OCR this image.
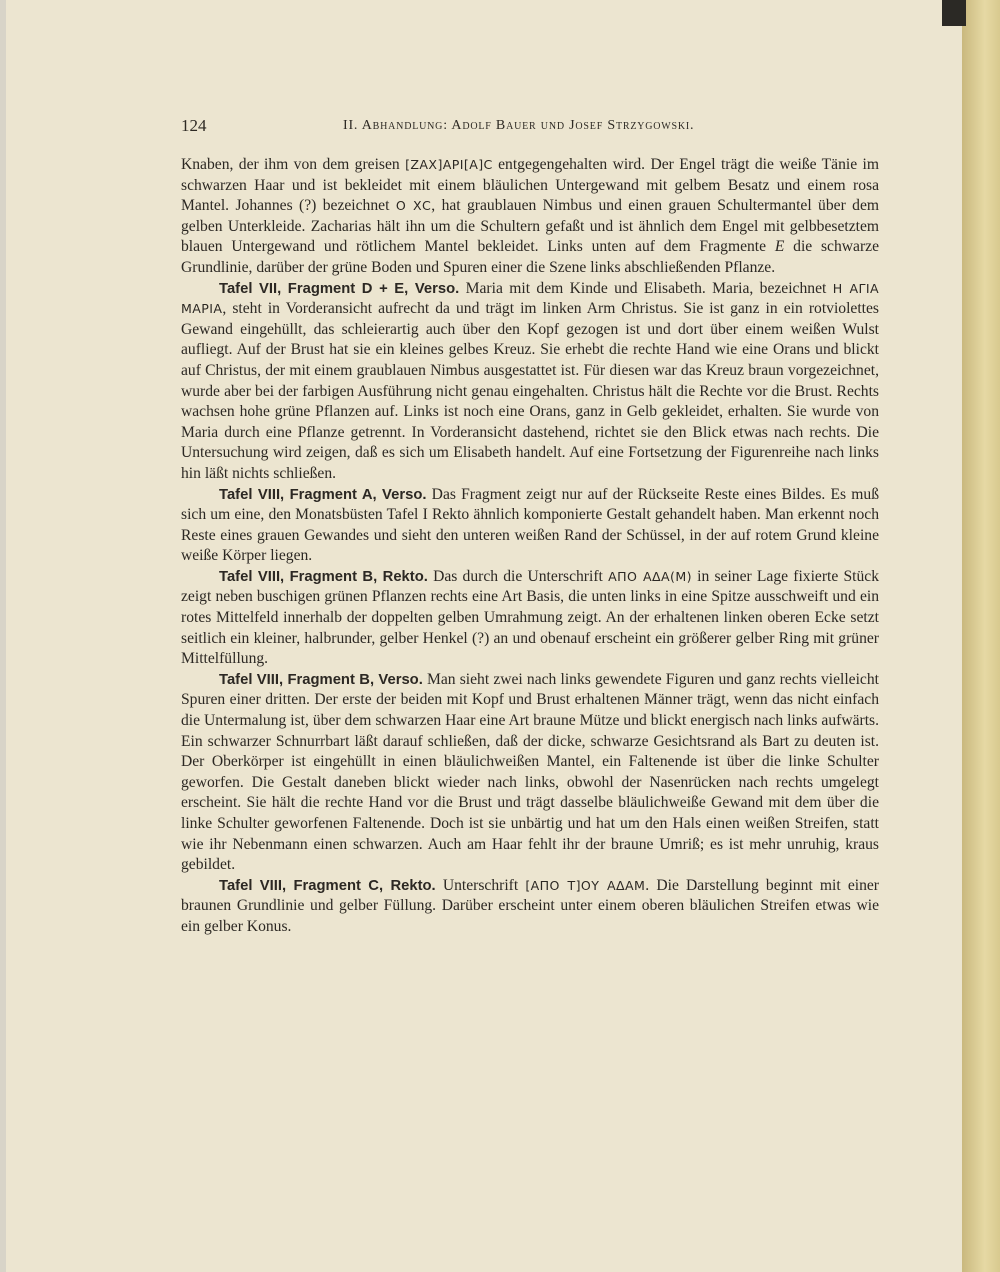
124	II. Abhandlung: Adolf Bauer und Josef Strzygowski.

Knaben, der ihm von dem greisen [ZΑΧ]ΑΡΙ[Α]C entgegengehalten wird. Der Engel trägt die weiße Tänie im schwarzen Haar und ist bekleidet mit einem bläulichen Untergewand mit gelbem Besatz und einem rosa Mantel. Johannes (?) bezeichnet Ο ΧC, hat graublauen Nimbus und einen grauen Schultermantel über dem gelben Unterkleide. Zacharias hält ihn um die Schultern gefaßt und ist ähnlich dem Engel mit gelbbesetztem blauen Untergewand und rötlichem Mantel bekleidet. Links unten auf dem Fragmente E die schwarze Grundlinie, darüber der grüne Boden und Spuren einer die Szene links abschließenden Pflanze.

Tafel VII, Fragment D + E, Verso. Maria mit dem Kinde und Elisabeth. Maria, bezeichnet Η ΑΓΙΑ ΜΑΡΙΑ, steht in Vorderansicht aufrecht da und trägt im linken Arm Christus. Sie ist ganz in ein rotviolettes Gewand eingehüllt, das schleierartig auch über den Kopf gezogen ist und dort über einem weißen Wulst aufliegt. Auf der Brust hat sie ein kleines gelbes Kreuz. Sie erhebt die rechte Hand wie eine Orans und blickt auf Christus, der mit einem graublauen Nimbus ausgestattet ist. Für diesen war das Kreuz braun vorgezeichnet, wurde aber bei der farbigen Ausführung nicht genau eingehalten. Christus hält die Rechte vor die Brust. Rechts wachsen hohe grüne Pflanzen auf. Links ist noch eine Orans, ganz in Gelb gekleidet, erhalten. Sie wurde von Maria durch eine Pflanze getrennt. In Vorderansicht dastehend, richtet sie den Blick etwas nach rechts. Die Untersuchung wird zeigen, daß es sich um Elisabeth handelt. Auf eine Fortsetzung der Figurenreihe nach links hin läßt nichts schließen.

Tafel VIII, Fragment A, Verso. Das Fragment zeigt nur auf der Rückseite Reste eines Bildes. Es muß sich um eine, den Monatsbüsten Tafel I Rekto ähnlich komponierte Gestalt gehandelt haben. Man erkennt noch Reste eines grauen Gewandes und sieht den unteren weißen Rand der Schüssel, in der auf rotem Grund kleine weiße Körper liegen.

Tafel VIII, Fragment B, Rekto. Das durch die Unterschrift ΑΠΟ ΑΔΑ(Μ) in seiner Lage fixierte Stück zeigt neben buschigen grünen Pflanzen rechts eine Art Basis, die unten links in eine Spitze ausschweift und ein rotes Mittelfeld innerhalb der doppelten gelben Umrahmung zeigt. An der erhaltenen linken oberen Ecke setzt seitlich ein kleiner, halbrunder, gelber Henkel (?) an und obenauf erscheint ein größerer gelber Ring mit grüner Mittelfüllung.

Tafel VIII, Fragment B, Verso. Man sieht zwei nach links gewendete Figuren und ganz rechts vielleicht Spuren einer dritten. Der erste der beiden mit Kopf und Brust erhaltenen Männer trägt, wenn das nicht einfach die Untermalung ist, über dem schwarzen Haar eine Art braune Mütze und blickt energisch nach links aufwärts. Ein schwarzer Schnurrbart läßt darauf schließen, daß der dicke, schwarze Gesichtsrand als Bart zu deuten ist. Der Oberkörper ist eingehüllt in einen bläulichweißen Mantel, ein Faltenende ist über die linke Schulter geworfen. Die Gestalt daneben blickt wieder nach links, obwohl der Nasenrücken nach rechts umgelegt erscheint. Sie hält die rechte Hand vor die Brust und trägt dasselbe bläulichweiße Gewand mit dem über die linke Schulter geworfenen Faltenende. Doch ist sie unbärtig und hat um den Hals einen weißen Streifen, statt wie ihr Nebenmann einen schwarzen. Auch am Haar fehlt ihr der braune Umriß; es ist mehr unruhig, kraus gebildet.

Tafel VIII, Fragment C, Rekto. Unterschrift [ΑΠΟ Τ]ΟΥ ΑΔΑΜ. Die Darstellung beginnt mit einer braunen Grundlinie und gelber Füllung. Darüber erscheint unter einem oberen bläulichen Streifen etwas wie ein gelber Konus.
